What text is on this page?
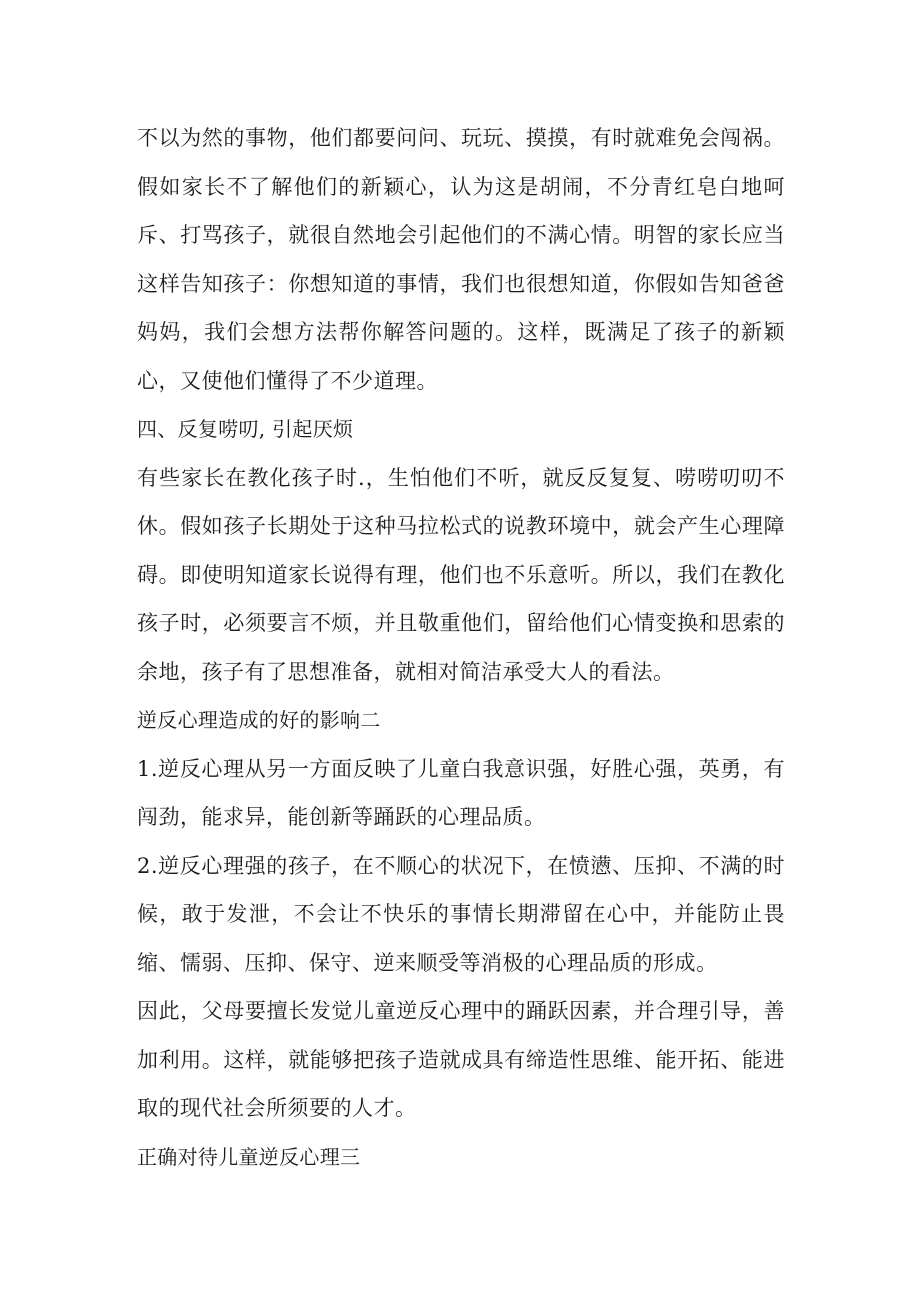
不以为然的事物，他们都要问问、玩玩、摸摸，有时就难免会闯祸。假如家长不了解他们的新颖心，认为这是胡闹，不分青红皂白地呵斥、打骂孩子，就很自然地会引起他们的不满心情。明智的家长应当这样告知孩子：你想知道的事情，我们也很想知道，你假如告知爸爸妈妈，我们会想方法帮你解答问题的。这样，既满足了孩子的新颖心，又使他们懂得了不少道理。

四、反复唠叨, 引起厌烦

有些家长在教化孩子时.，生怕他们不听，就反反复复、唠唠叨叨不休。假如孩子长期处于这种马拉松式的说教环境中，就会产生心理障碍。即使明知道家长说得有理，他们也不乐意听。所以，我们在教化孩子时，必须要言不烦，并且敬重他们，留给他们心情变换和思索的余地，孩子有了思想准备，就相对简洁承受大人的看法。

逆反心理造成的好的影响二

1.逆反心理从另一方面反映了儿童白我意识强，好胜心强，英勇，有闯劲，能求异，能创新等踊跃的心理品质。

2.逆反心理强的孩子，在不顺心的状况下，在愤懑、压抑、不满的时候，敢于发泄，不会让不快乐的事情长期滞留在心中，并能防止畏缩、懦弱、压抑、保守、逆来顺受等消极的心理品质的形成。

因此，父母要擅长发觉儿童逆反心理中的踊跃因素，并合理引导，善加利用。这样，就能够把孩子造就成具有缔造性思维、能开拓、能进取的现代社会所须要的人才。

正确对待儿童逆反心理三
